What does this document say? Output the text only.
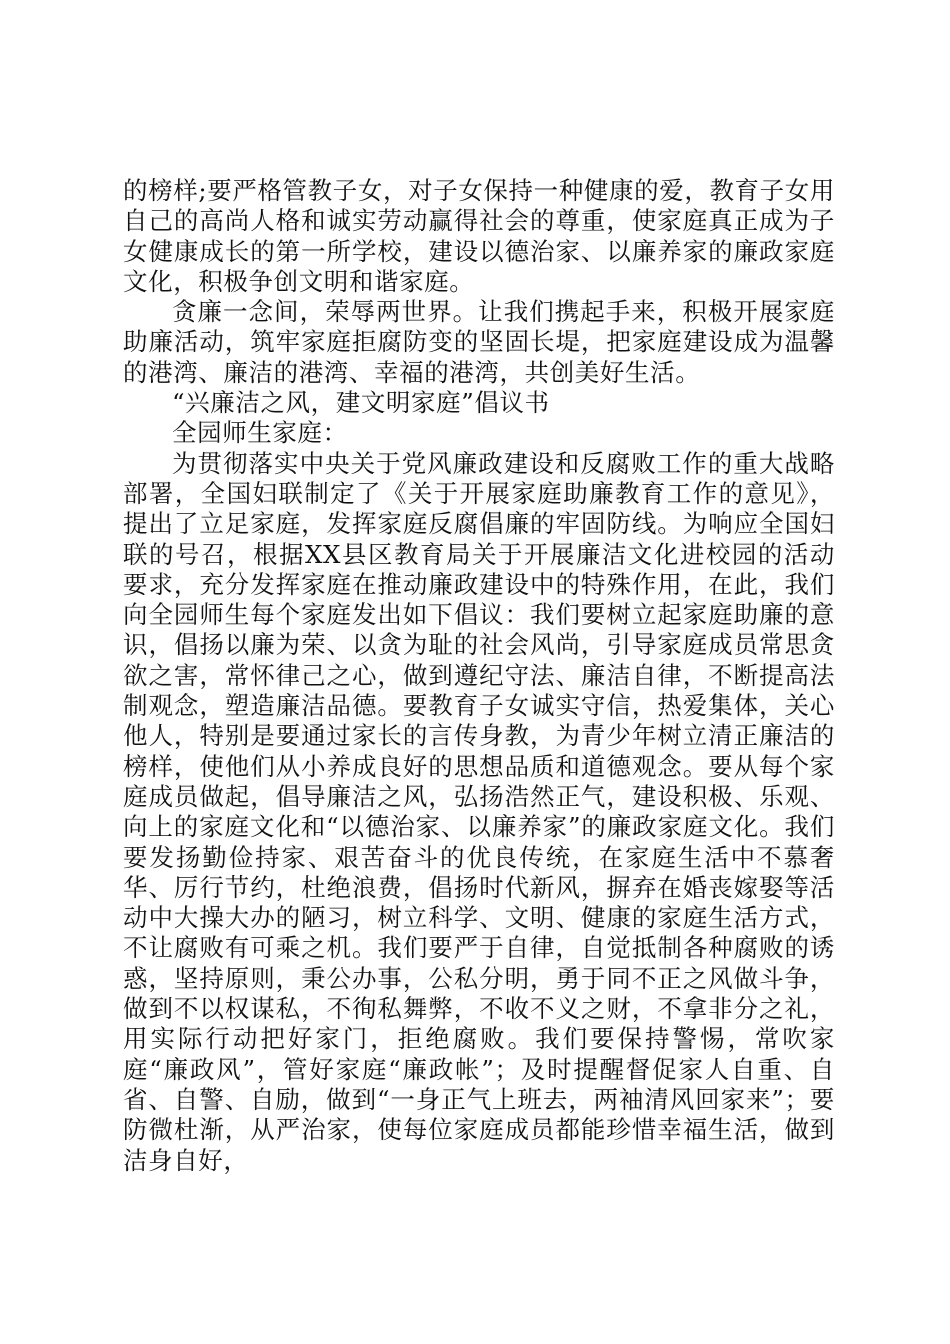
的榜样;要严格管教子女，对子女保持一种健康的爱，教育子女用自己的高尚人格和诚实劳动赢得社会的尊重，使家庭真正成为子女健康成长的第一所学校，建设以德治家、以廉养家的廉政家庭文化，积极争创文明和谐家庭。

贪廉一念间，荣辱两世界。让我们携起手来，积极开展家庭助廉活动，筑牢家庭拒腐防变的坚固长堤，把家庭建设成为温馨的港湾、廉洁的港湾、幸福的港湾，共创美好生活。

“兴廉洁之风，建文明家庭”倡议书

全园师生家庭：

为贯彻落实中央关于党风廉政建设和反腐败工作的重大战略部署，全国妇联制定了《关于开展家庭助廉教育工作的意见》，提出了立足家庭，发挥家庭反腐倡廉的牢固防线。为响应全国妇联的号召，根据XX县区教育局关于开展廉洁文化进校园的活动要求，充分发挥家庭在推动廉政建设中的特殊作用，在此，我们向全园师生每个家庭发出如下倡议：我们要树立起家庭助廉的意识，倡扬以廉为荣、以贪为耻的社会风尚，引导家庭成员常思贪欲之害，常怀律己之心，做到遵纪守法、廉洁自律，不断提高法制观念，塑造廉洁品德。要教育子女诚实守信，热爱集体，关心他人，特别是要通过家长的言传身教，为青少年树立清正廉洁的榜样，使他们从小养成良好的思想品质和道德观念。要从每个家庭成员做起，倡导廉洁之风，弘扬浩然正气，建设积极、乐观、向上的家庭文化和“以德治家、以廉养家”的廉政家庭文化。我们要发扬勤俭持家、艰苦奋斗的优良传统，在家庭生活中不慕奢华、厉行节约，杜绝浪费，倡扬时代新风，摒弃在婚丧嫁娶等活动中大操大办的陋习，树立科学、文明、健康的家庭生活方式，不让腐败有可乘之机。我们要严于自律，自觉抵制各种腐败的诱惑，坚持原则，秉公办事，公私分明，勇于同不正之风做斗争，做到不以权谋私，不徇私舞弊，不收不义之财，不拿非分之礼，用实际行动把好家门，拒绝腐败。我们要保持警惕，常吹家庭“廉政风”，管好家庭“廉政帐”；及时提醒督促家人自重、自省、自警、自励，做到“一身正气上班去，两袖清风回家来”；要防微杜渐，从严治家，使每位家庭成员都能珍惜幸福生活，做到洁身自好，
